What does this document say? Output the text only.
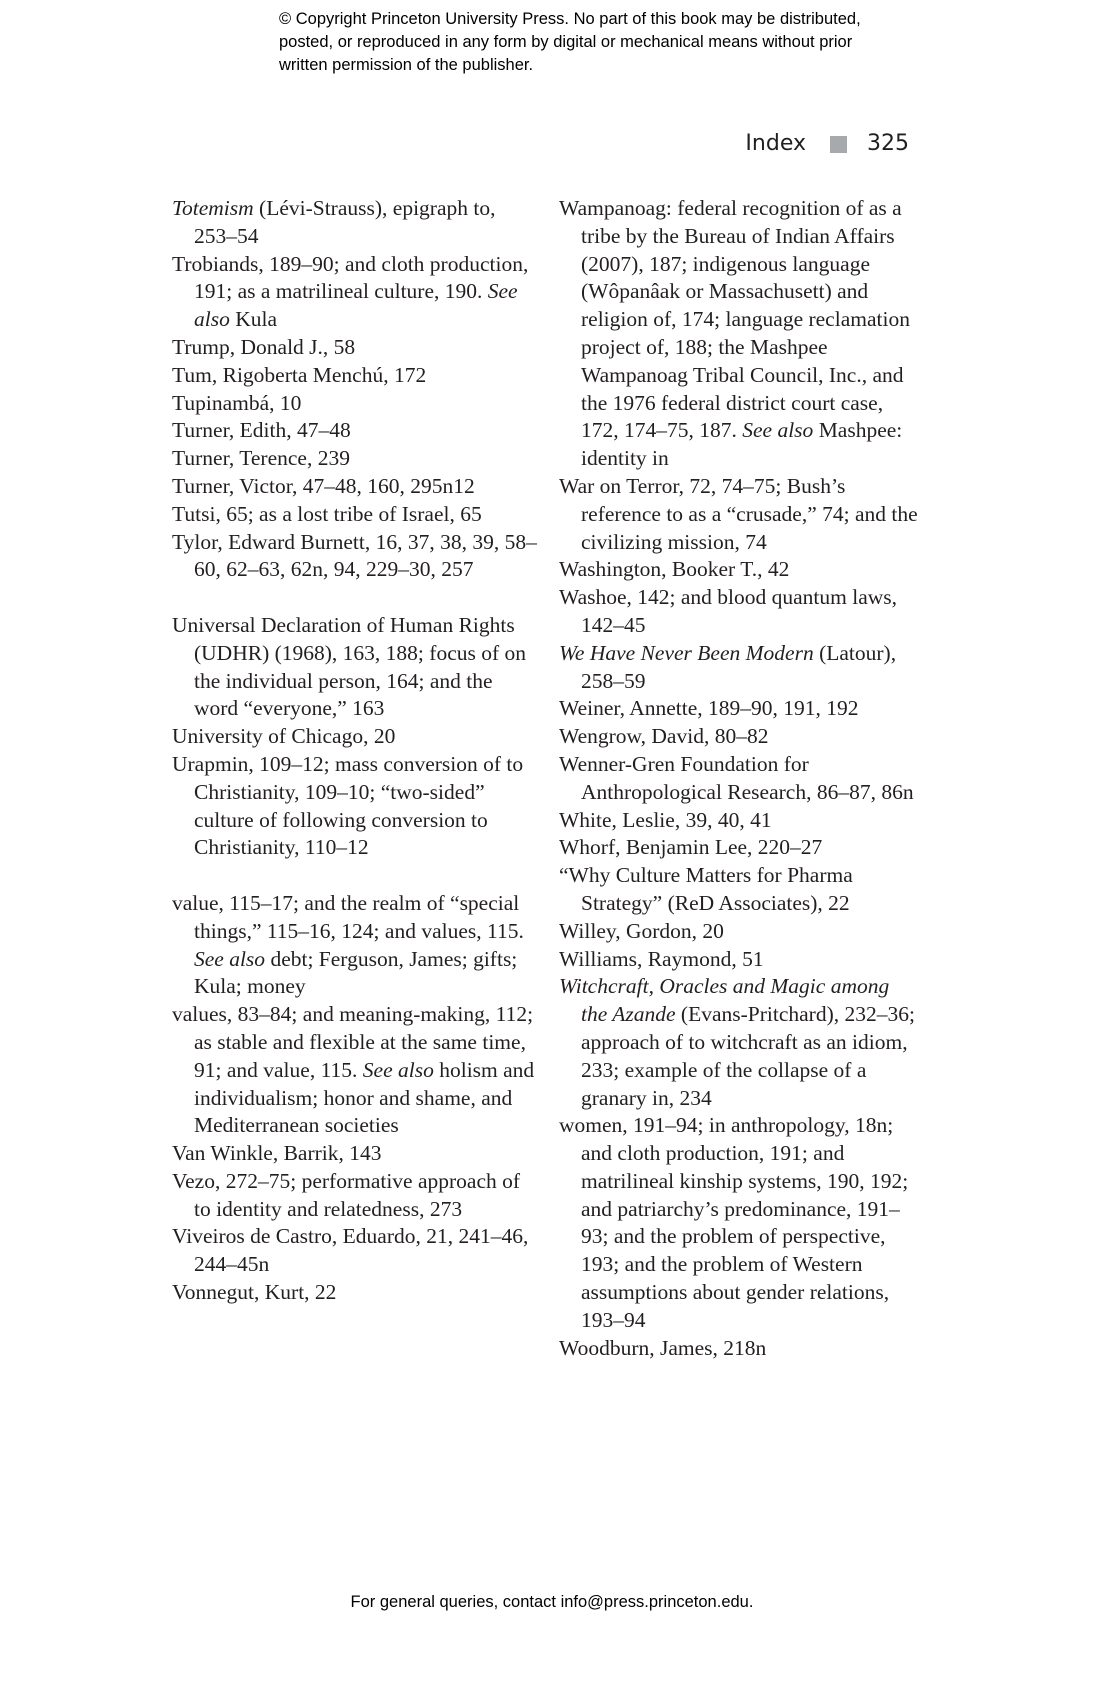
© Copyright Princeton University Press. No part of this book may be distributed, posted, or reproduced in any form by digital or mechanical means without prior written permission of the publisher.
Index	325

Totemism (Lévi-Strauss), epigraph to, 253–54

Trobiands, 189–90; and cloth production, 191; as a matrilineal culture, 190. See also Kula

Trump, Donald J., 58

Tum, Rigoberta Menchú, 172

Tupinambá, 10

Turner, Edith, 47–48

Turner, Terence, 239

Turner, Victor, 47–48, 160, 295n12

Tutsi, 65; as a lost tribe of Israel, 65

Tylor, Edward Burnett, 16, 37, 38, 39, 58–60, 62–63, 62n, 94, 229–30, 257

Universal Declaration of Human Rights (UDHR) (1968), 163, 188; focus of on the individual person, 164; and the word “everyone,” 163

University of Chicago, 20

Urapmin, 109–12; mass conversion of to Christianity, 109–10; “two-sided” culture of following conversion to Christianity, 110–12

value, 115–17; and the realm of “special things,” 115–16, 124; and values, 115. See also debt; Ferguson, James; gifts; Kula; money

values, 83–84; and meaning-making, 112; as stable and flexible at the same time, 91; and value, 115. See also holism and individualism; honor and shame, and Mediterranean societies

Van Winkle, Barrik, 143

Vezo, 272–75; performative approach of to identity and relatedness, 273

Viveiros de Castro, Eduardo, 21, 241–46, 244–45n

Vonnegut, Kurt, 22

Wampanoag: federal recognition of as a tribe by the Bureau of Indian Affairs (2007), 187; indigenous language (Wôpanâak or Massachusett) and religion of, 174; language reclamation project of, 188; the Mashpee Wampanoag Tribal Council, Inc., and the 1976 federal district court case, 172, 174–75, 187. See also Mashpee: identity in

War on Terror, 72, 74–75; Bush’s reference to as a “crusade,” 74; and the civilizing mission, 74

Washington, Booker T., 42

Washoe, 142; and blood quantum laws, 142–45

We Have Never Been Modern (Latour), 258–59

Weiner, Annette, 189–90, 191, 192

Wengrow, David, 80–82

Wenner-Gren Foundation for Anthropological Research, 86–87, 86n

White, Leslie, 39, 40, 41

Whorf, Benjamin Lee, 220–27

“Why Culture Matters for Pharma Strategy” (ReD Associates), 22

Willey, Gordon, 20

Williams, Raymond, 51

Witchcraft, Oracles and Magic among the Azande (Evans-Pritchard), 232–36; approach of to witchcraft as an idiom, 233; example of the collapse of a granary in, 234

women, 191–94; in anthropology, 18n; and cloth production, 191; and matrilineal kinship systems, 190, 192; and patriarchy’s predominance, 191–93; and the problem of perspective, 193; and the problem of Western assumptions about gender relations, 193–94

Woodburn, James, 218n

For general queries, contact info@press.princeton.edu.
